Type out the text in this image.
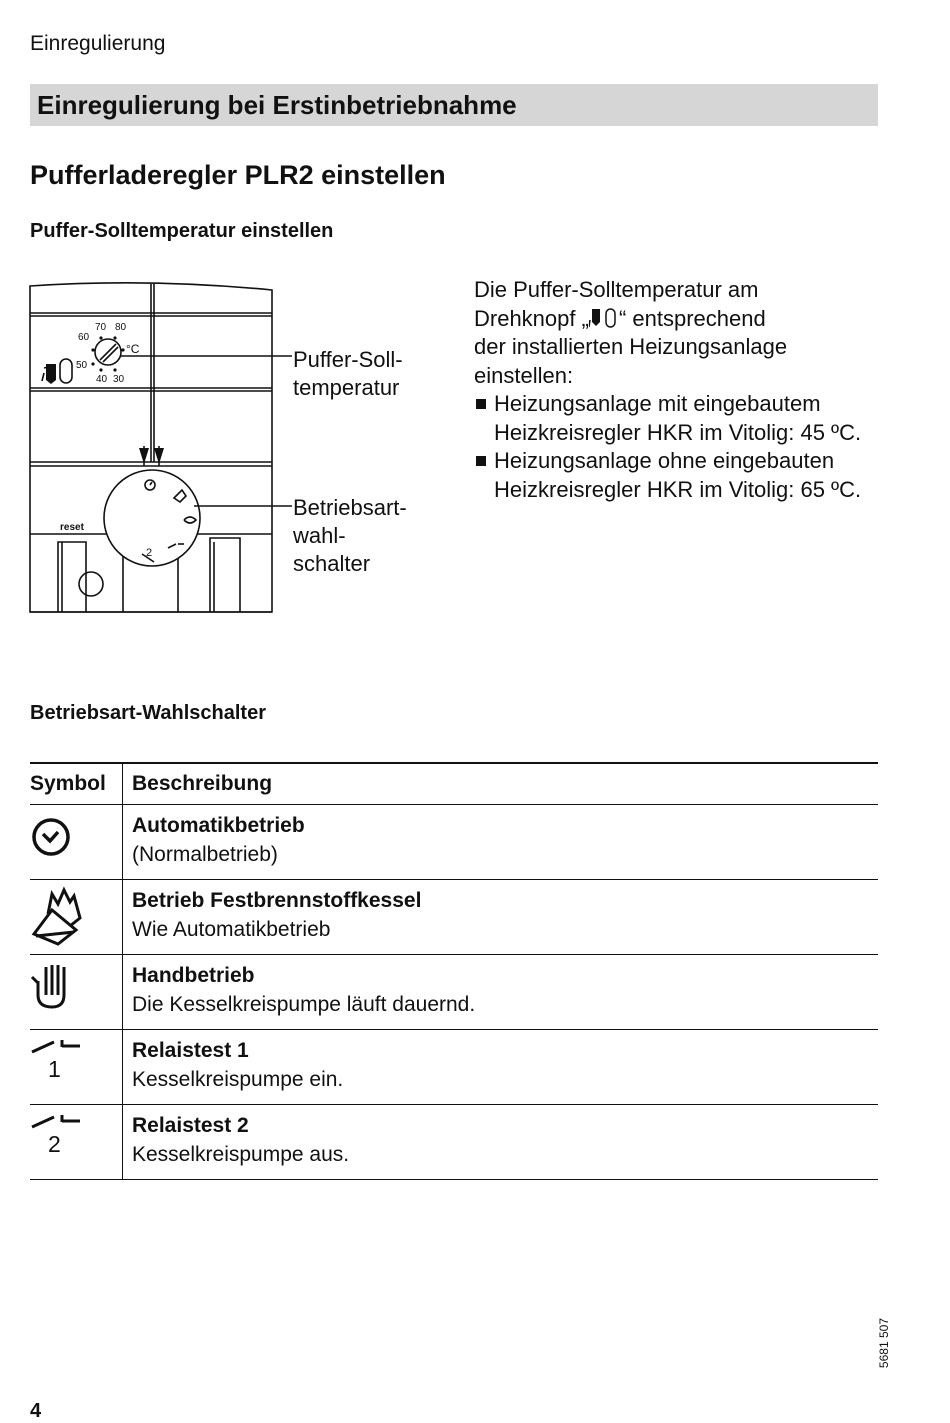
Einregulierung
Einregulierung bei Erstinbetriebnahme
Pufferladeregler PLR2 einstellen
Puffer-Solltemperatur einstellen
70 80
60
°C
50
40 30
reset
2
Puffer-Soll-
temperatur
Betriebsart-
wahl-
schalter
Die Puffer-Solltemperatur am
Drehknopf „ “ entsprechend
der installierten Heizungsanlage
einstellen:
Heizungsanlage mit eingebautem
Heizkreisregler HKR im Vitolig: 45 ºC.
Heizungsanlage ohne eingebauten
Heizkreisregler HKR im Vitolig: 65 ºC.
Betriebsart-Wahlschalter
Symbol	Beschreibung

Automatikbetrieb
(Normalbetrieb)

Betrieb Festbrennstoffkessel
Wie Automatikbetrieb

Handbetrieb
Die Kesselkreispumpe läuft dauernd.

1	Relaistest 1
Kesselkreispumpe ein.

2	Relaistest 2
Kesselkreispumpe aus.
5681 507
4
